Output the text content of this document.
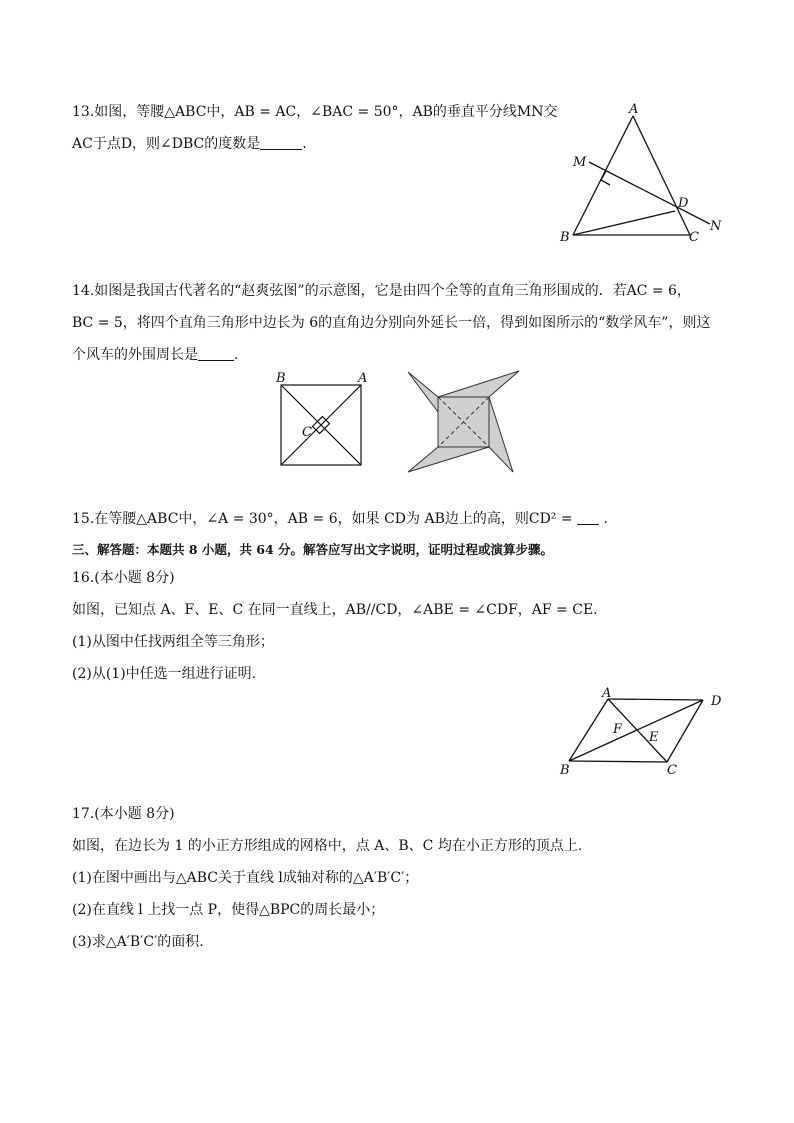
13.如图，等腰△ABC中，AB = AC，∠BAC = 50°，AB的垂直平分线MN交
AC于点D，则∠DBC的度数是	.
A
M
D
N
B	C
14.如图是我国古代著名的“赵爽弦图”的示意图，它是由四个全等的直角三角形围成的．若AC = 6，
BC = 5，将四个直角三角形中边长为 6的直角边分别向外延长一倍，得到如图所示的“数学风车”，则这
个风车的外围周长是	.
B	A
C
15.在等腰△ABC中，∠A = 30°，AB = 6，如果 CD为 AB边上的高，则CD² = .
三、解答题：本题共 8 小题，共 64 分。解答应写出文字说明，证明过程或演算步骤。
16.(本小题 8分)
如图，已知点 A、F、E、C 在同一直线上，AB//CD，∠ABE = ∠CDF，AF = CE.
(1)从图中任找两组全等三角形；
(2)从(1)中任选一组进行证明.
A
D
F
E
B	C
17.(本小题 8分)
如图，在边长为 1 的小正方形组成的网格中，点 A、B、C 均在小正方形的顶点上.
(1)在图中画出与△ABC关于直线 l成轴对称的△A′B′C′；
(2)在直线 l 上找一点 P，使得△BPC的周长最小；
(3)求△A′B′C′的面积.
